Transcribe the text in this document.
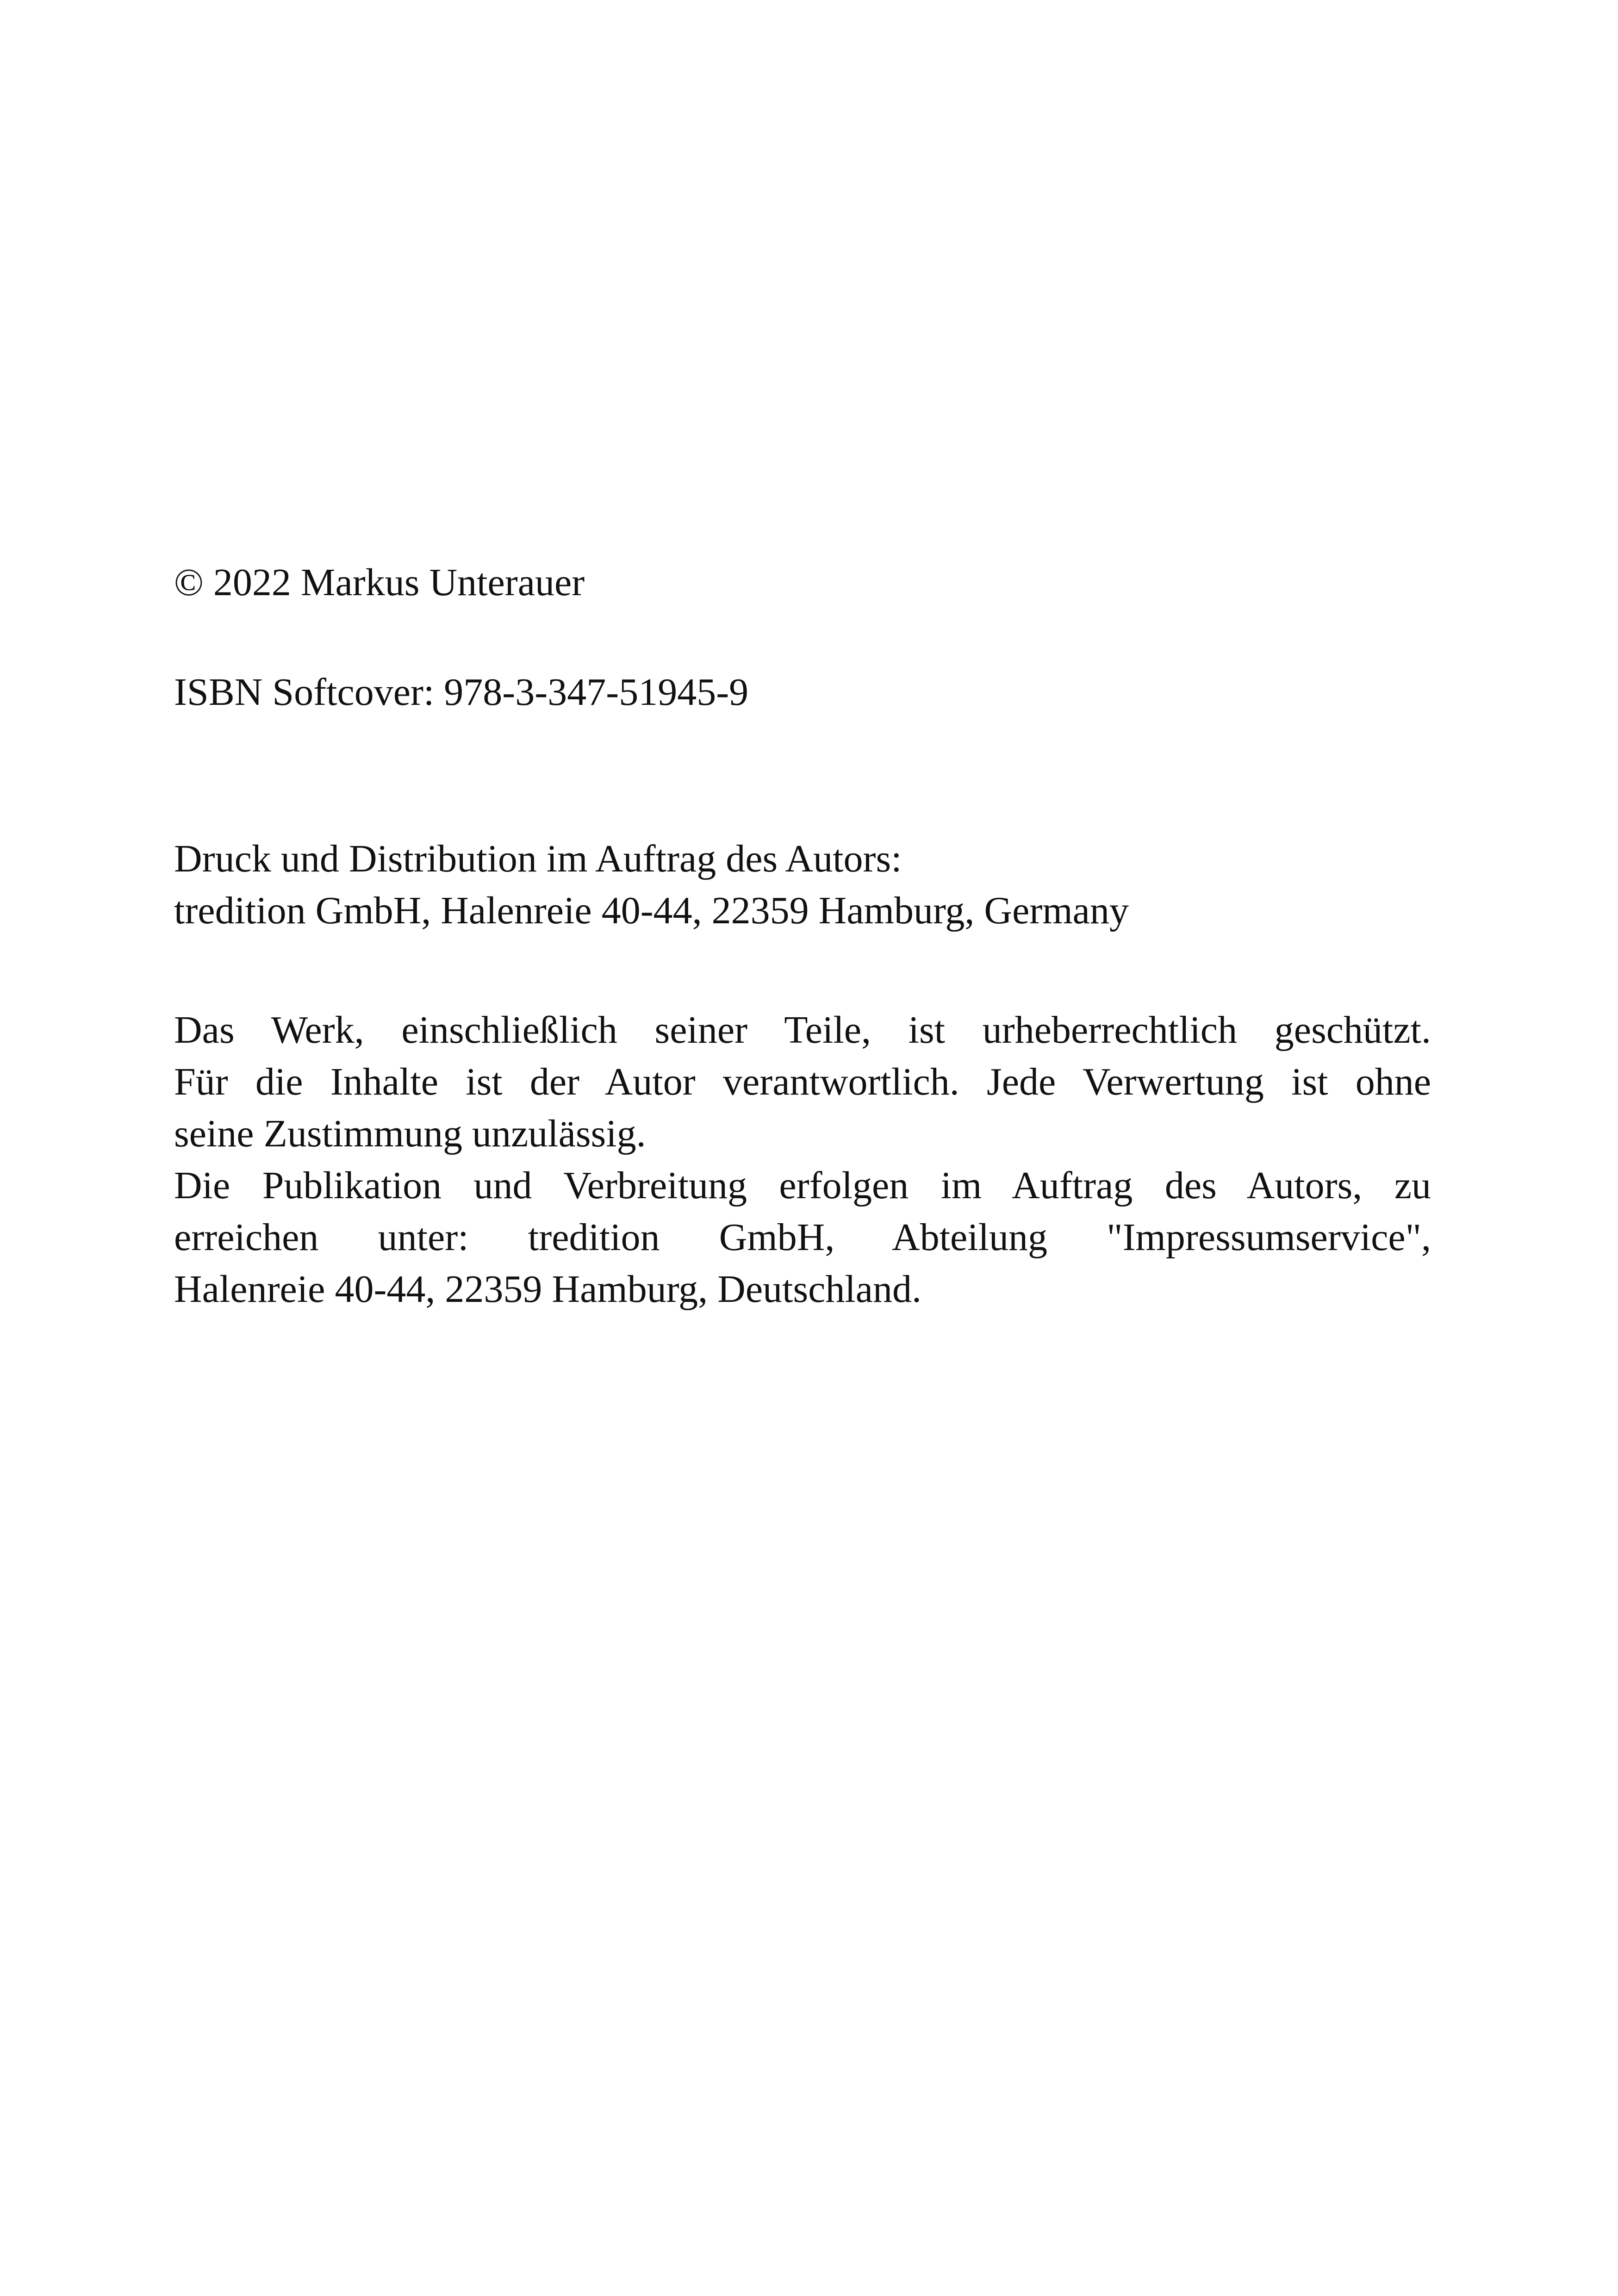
© 2022 Markus Unterauer
ISBN Softcover: 978-3-347-51945-9
Druck und Distribution im Auftrag des Autors:
tredition GmbH, Halenreie 40-44, 22359 Hamburg, Germany
Das Werk, einschließlich seiner Teile, ist urheberrechtlich geschützt.
Für die Inhalte ist der Autor verantwortlich. Jede Verwertung ist ohne
seine Zustimmung unzulässig.
Die Publikation und Verbreitung erfolgen im Auftrag des Autors, zu
erreichen unter: tredition GmbH, Abteilung "Impressumservice",
Halenreie 40-44, 22359 Hamburg, Deutschland.
